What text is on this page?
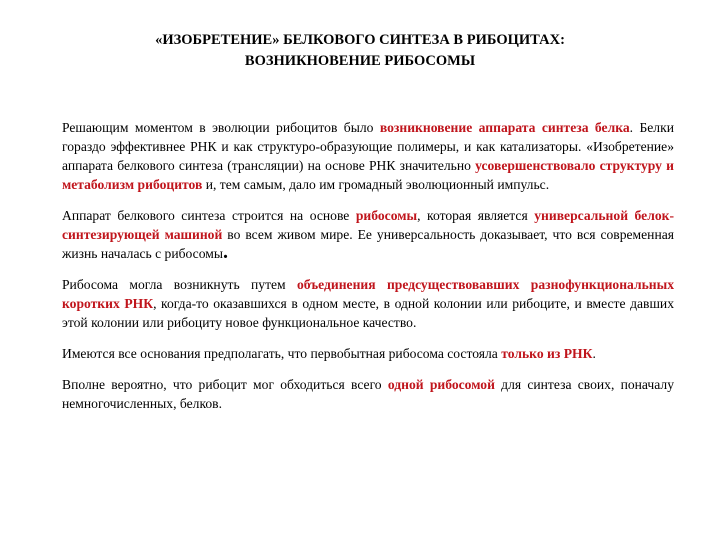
«ИЗОБРЕТЕНИЕ» БЕЛКОВОГО СИНТЕЗА В РИБОЦИТАХ:
ВОЗНИКНОВЕНИЕ РИБОСОМЫ

Решающим моментом в эволюции рибоцитов было возникновение аппарата синтеза белка. Белки гораздо эффективнее РНК и как структуро-образующие полимеры, и как катализаторы. «Изобретение» аппарата белкового синтеза (трансляции) на основе РНК значительно усовершенствовало структуру и метаболизм рибоцитов и, тем самым, дало им громадный эволюционный импульс.

Аппарат белкового синтеза строится на основе рибосомы, которая является универсальной белок-синтезирующей машиной во всем живом мире. Ее универсальность доказывает, что вся современная жизнь началась с рибосомы.

Рибосома могла возникнуть путем объединения предсуществовавших разнофункциональных коротких РНК, когда-то оказавшихся в одном месте, в одной колонии или рибоците, и вместе давших этой колонии или рибоциту новое функциональное качество.

Имеются все основания предполагать, что первобытная рибосома состояла только из РНК.

Вполне вероятно, что рибоцит мог обходиться всего одной рибосомой для синтеза своих, поначалу немногочисленных, белков.
